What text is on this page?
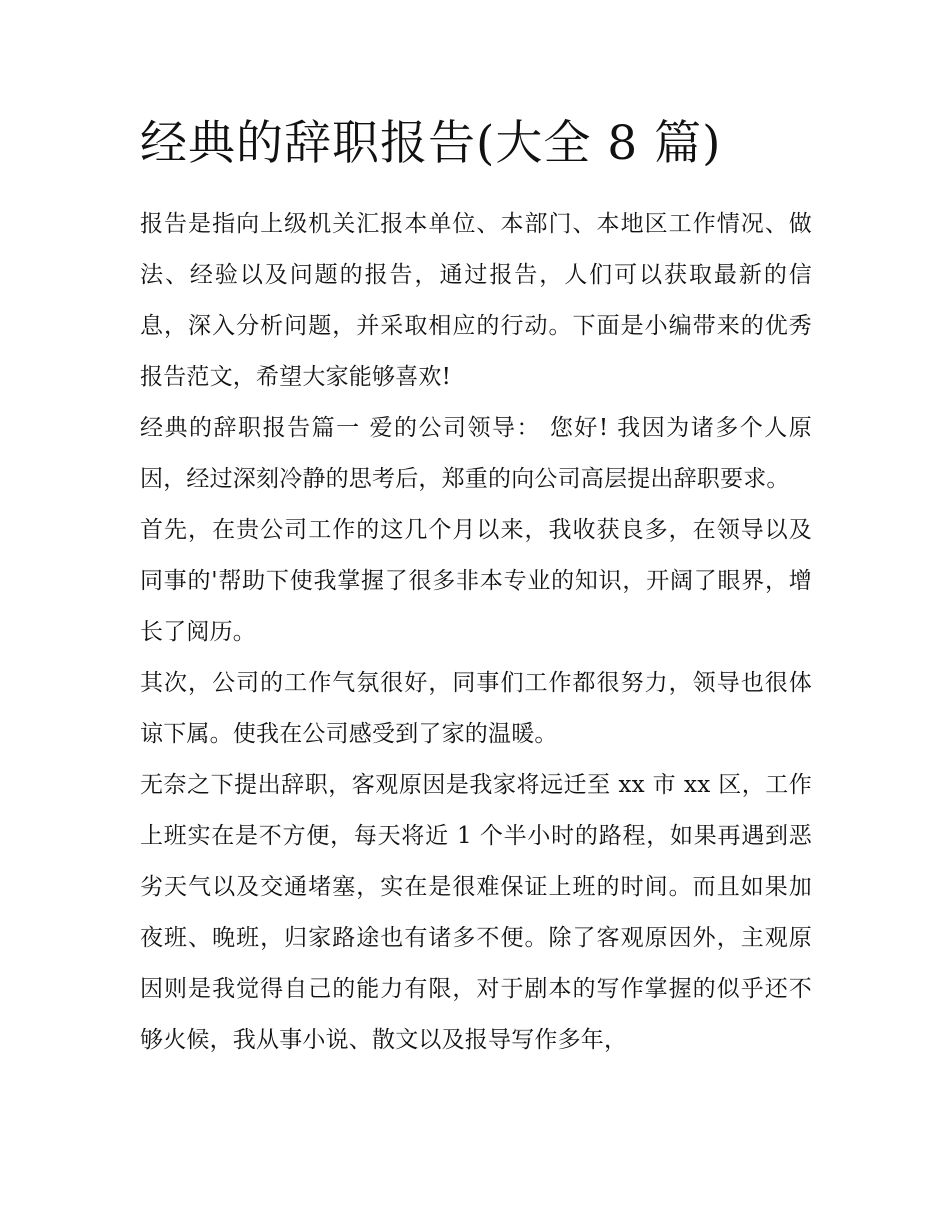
经典的辞职报告(大全 8 篇)

报告是指向上级机关汇报本单位、本部门、本地区工作情况、做法、经验以及问题的报告，通过报告，人们可以获取最新的信息，深入分析问题，并采取相应的行动。下面是小编带来的优秀报告范文，希望大家能够喜欢!

经典的辞职报告篇一 爱的公司领导： 您好! 我因为诸多个人原因，经过深刻冷静的思考后，郑重的向公司高层提出辞职要求。

首先，在贵公司工作的这几个月以来，我收获良多，在领导以及同事的'帮助下使我掌握了很多非本专业的知识，开阔了眼界，增长了阅历。

其次，公司的工作气氛很好，同事们工作都很努力，领导也很体谅下属。使我在公司感受到了家的温暖。

无奈之下提出辞职，客观原因是我家将远迁至 xx 市 xx 区，工作上班实在是不方便，每天将近 1 个半小时的路程，如果再遇到恶劣天气以及交通堵塞，实在是很难保证上班的时间。而且如果加夜班、晚班，归家路途也有诸多不便。除了客观原因外，主观原因则是我觉得自己的能力有限，对于剧本的写作掌握的似乎还不够火候，我从事小说、散文以及报导写作多年，
